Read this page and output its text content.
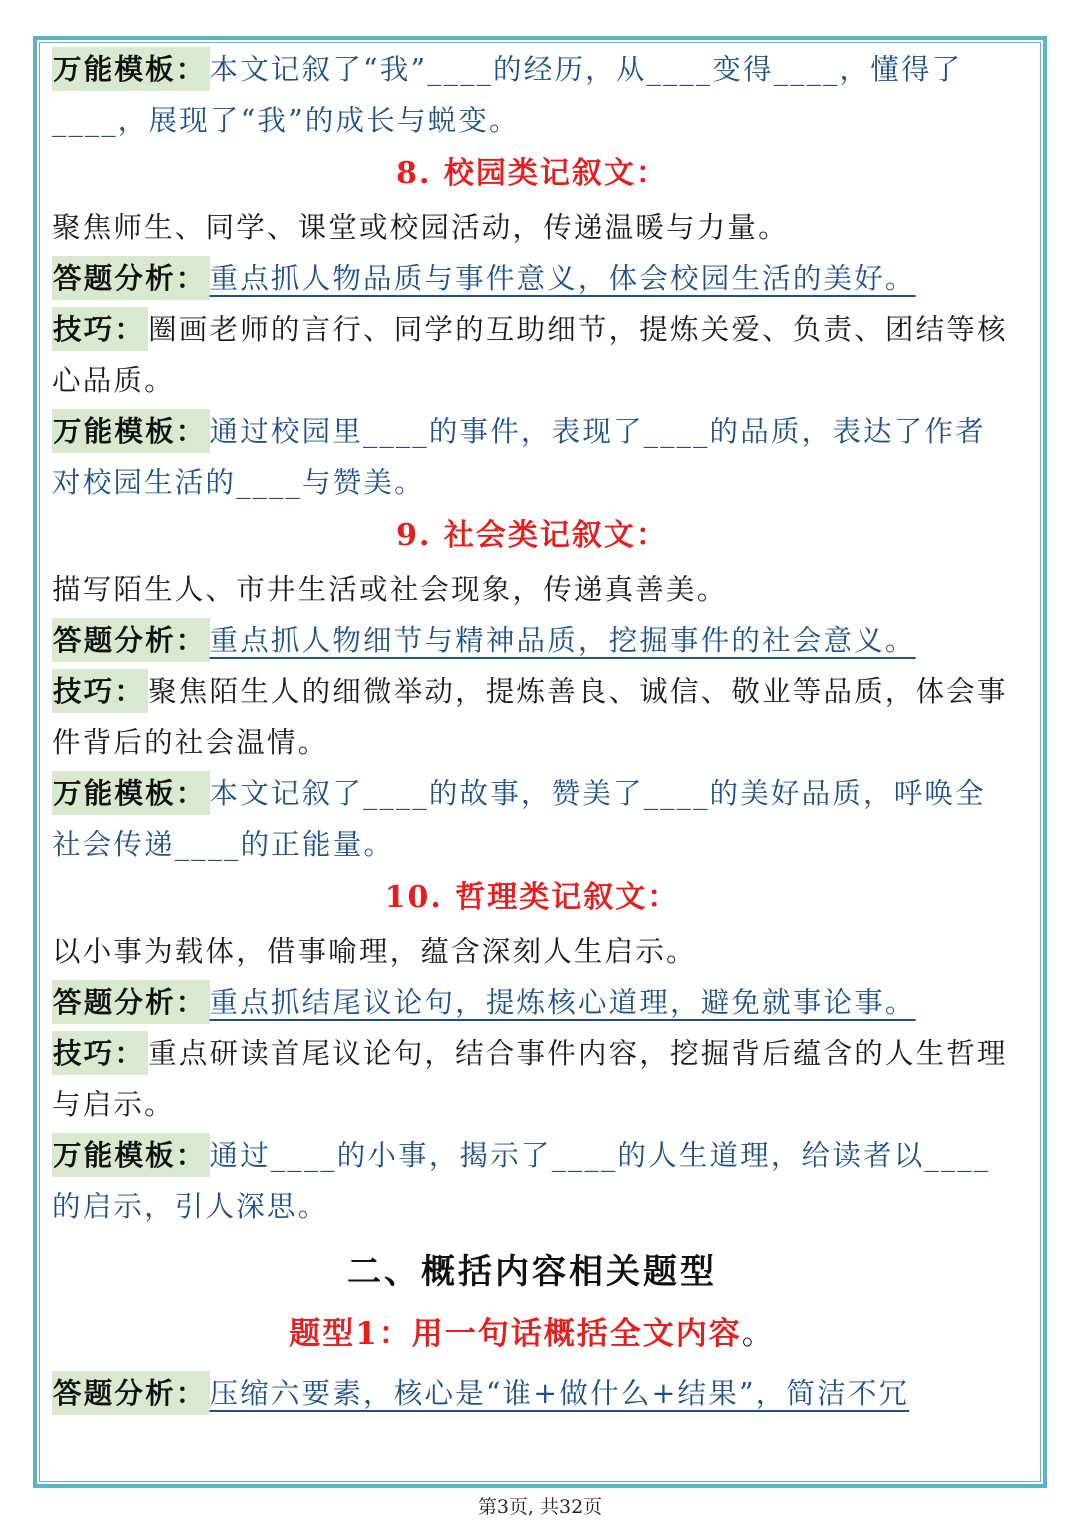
万能模板： 本文记叙了“我”____的经历，从____变得____，懂得了____，展现了“我”的成长与蜕变。

8. 校园类记叙文：

聚焦师生、同学、课堂或校园活动，传递温暖与力量。

答题分析： 重点抓人物品质与事件意义，体会校园生活的美好。

技巧： 圈画老师的言行、同学的互助细节，提炼关爱、负责、团结等核心品质。

万能模板： 通过校园里____的事件，表现了____的品质，表达了作者对校园生活的____与赞美。

9. 社会类记叙文：

描写陌生人、市井生活或社会现象，传递真善美。

答题分析： 重点抓人物细节与精神品质，挖掘事件的社会意义。

技巧： 聚焦陌生人的细微举动，提炼善良、诚信、敬业等品质，体会事件背后的社会温情。

万能模板： 本文记叙了____的故事，赞美了____的美好品质，呼唤全社会传递____的正能量。

10. 哲理类记叙文：

以小事为载体，借事喻理，蕴含深刻人生启示。

答题分析： 重点抓结尾议论句，提炼核心道理，避免就事论事。

技巧： 重点研读首尾议论句，结合事件内容，挖掘背后蕴含的人生哲理与启示。

万能模板： 通过____的小事，揭示了____的人生道理，给读者以____的启示，引人深思。

二、概括内容相关题型

题型1：用一句话概括全文内容。

答题分析： 压缩六要素，核心是“谁+做什么+结果”，简洁不冗

第3页, 共32页
